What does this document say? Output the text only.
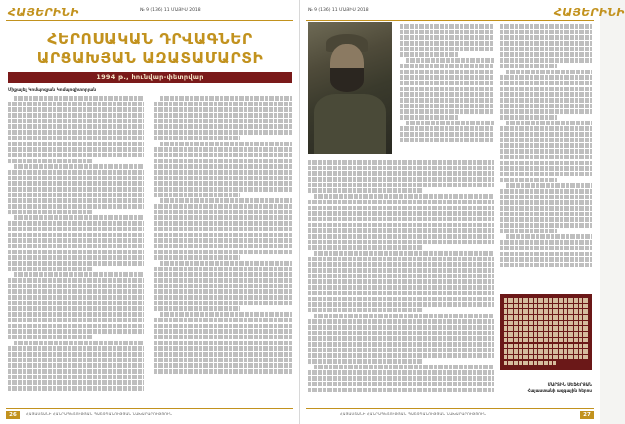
ՀԱՅԵՐԻՆԻ	№ 9 (136) 11 ՄԱՅԻՍ 2018
ՀԵՐՈՍԱԿԱՆ ԴՐՎԱԳՆԵՐ
ԱՐՑԱԽՅԱՆ ԱԶԱՏԱՄԱՐՏԻ
1994 թ., հունվար-փետրվար
Միքայել Կոմպոզյան Կոմպոզիտորյան
26	ՀԱՅԱՍՏԱՆԻ ՀԱՆՐԱՊԵՏՈՒԹՅԱՆ ՊԱՇՏՊԱՆՈՒԹՅԱՆ ՆԱԽԱՐԱՐՈՒԹՅՈՒՆ
№ 9 (136) 11 ՄԱՅԻՍ 2018	ՀԱՅԵՐԻՆԻ
ՄԱՐՏԻՆ ՍԵՖԵՐՅԱՆ
Հայաստանի ազգային հերոս
ՀԱՅԱՍՏԱՆԻ ՀԱՆՐԱՊԵՏՈՒԹՅԱՆ ՊԱՇՏՊԱՆՈՒԹՅԱՆ ՆԱԽԱՐԱՐՈՒԹՅՈՒՆ	27
